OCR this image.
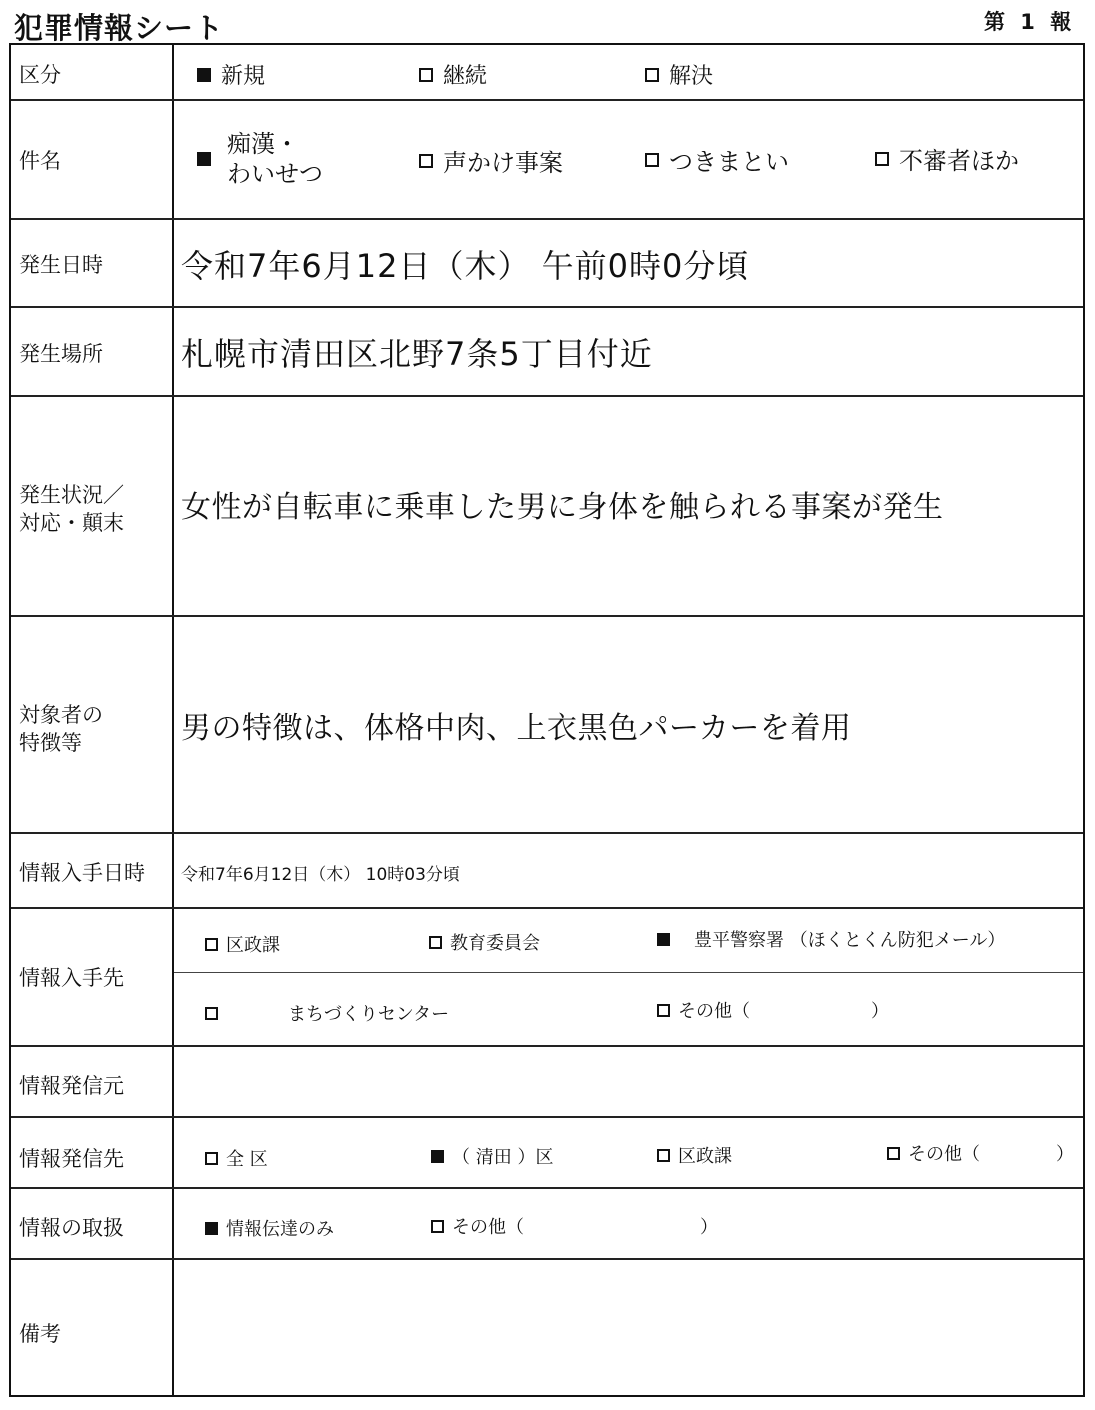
犯罪情報シート	第 1 報
区分	新規	継続	解決
件名
痴漢・
わいせつ	声かけ事案	つきまとい	不審者ほか
発生日時 令和7年6月12日（木） 午前0時0分頃
発生場所 札幌市清田区北野7条5丁目付近
発生状況／
対応・顛末 女性が自転車に乗車した男に身体を触られる事案が発生
対象者の
特徴等	男の特徴は、体格中肉、上衣黒色パーカーを着用
情報入手日時 令和7年6月12日（木） 10時03分頃
情報入手先
区政課	教育委員会	豊平警察署 （ほくとくん防犯メール）
まちづくりセンター	その他（	）
情報発信元
情報発信先	全 区	（ 清田 ）区	区政課	その他（	）
情報の取扱	情報伝達のみ	その他（	）
備考
